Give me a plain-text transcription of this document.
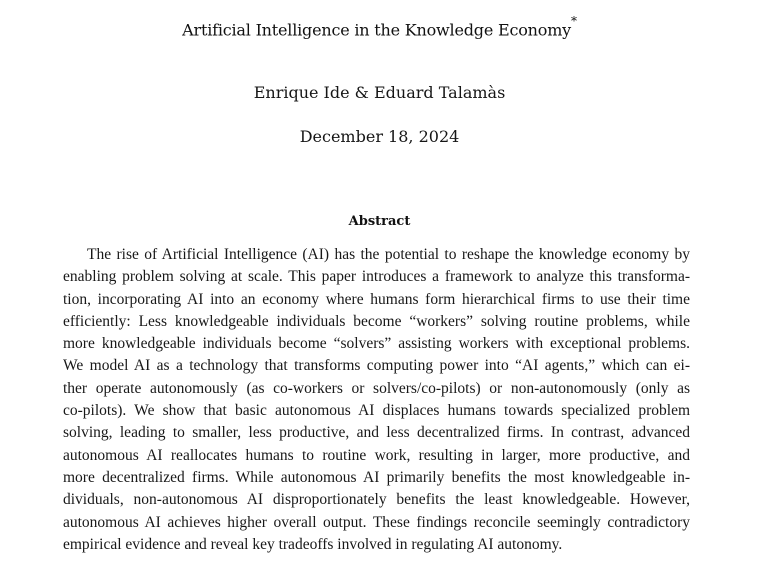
Artificial Intelligence in the Knowledge Economy*
Enrique Ide & Eduard Talamàs
December 18, 2024
Abstract
The rise of Artificial Intelligence (AI) has the potential to reshape the knowledge economy by
enabling problem solving at scale. This paper introduces a framework to analyze this transforma-
tion, incorporating AI into an economy where humans form hierarchical firms to use their time
efficiently: Less knowledgeable individuals become “workers” solving routine problems, while
more knowledgeable individuals become “solvers” assisting workers with exceptional problems.
We model AI as a technology that transforms computing power into “AI agents,” which can ei-
ther operate autonomously (as co-workers or solvers/co-pilots) or non-autonomously (only as
co-pilots). We show that basic autonomous AI displaces humans towards specialized problem
solving, leading to smaller, less productive, and less decentralized firms. In contrast, advanced
autonomous AI reallocates humans to routine work, resulting in larger, more productive, and
more decentralized firms. While autonomous AI primarily benefits the most knowledgeable in-
dividuals, non-autonomous AI disproportionately benefits the least knowledgeable. However,
autonomous AI achieves higher overall output. These findings reconcile seemingly contradictory
empirical evidence and reveal key tradeoffs involved in regulating AI autonomy.
